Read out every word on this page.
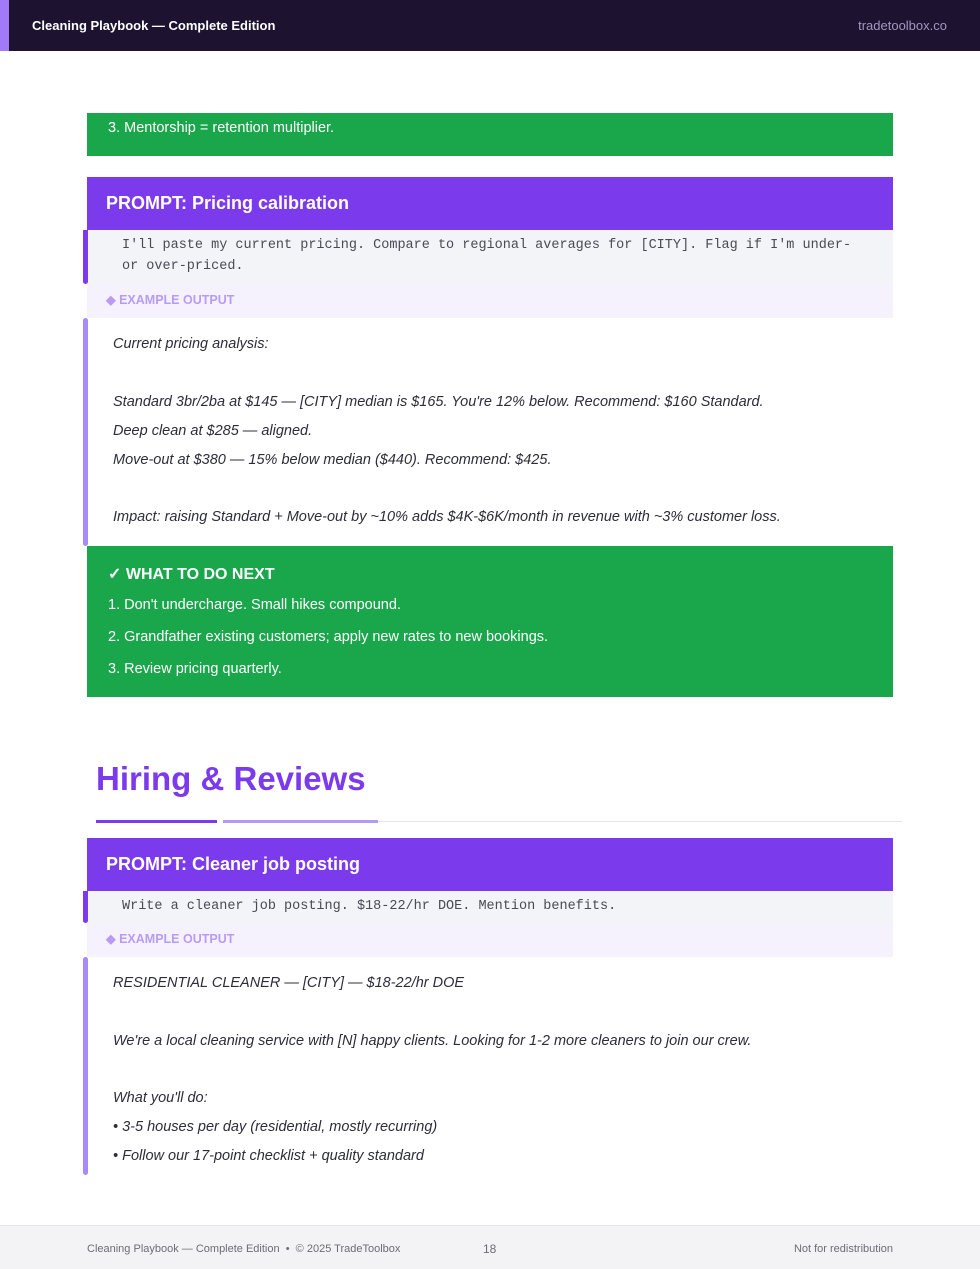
Cleaning Playbook — Complete Edition	tradetoolbox.co
3. Mentorship = retention multiplier.
PROMPT: Pricing calibration
I'll paste my current pricing. Compare to regional averages for [CITY]. Flag if I'm under- or over-priced.
◆ EXAMPLE OUTPUT
Current pricing analysis:
Standard 3br/2ba at $145 — [CITY] median is $165. You're 12% below. Recommend: $160 Standard.
Deep clean at $285 — aligned.
Move-out at $380 — 15% below median ($440). Recommend: $425.
Impact: raising Standard + Move-out by ~10% adds $4K-$6K/month in revenue with ~3% customer loss.
✓ WHAT TO DO NEXT
1. Don't undercharge. Small hikes compound.
2. Grandfather existing customers; apply new rates to new bookings.
3. Review pricing quarterly.
Hiring & Reviews
PROMPT: Cleaner job posting
Write a cleaner job posting. $18-22/hr DOE. Mention benefits.
◆ EXAMPLE OUTPUT
RESIDENTIAL CLEANER — [CITY] — $18-22/hr DOE
We're a local cleaning service with [N] happy clients. Looking for 1-2 more cleaners to join our crew.
What you'll do:
• 3-5 houses per day (residential, mostly recurring)
• Follow our 17-point checklist + quality standard
Cleaning Playbook — Complete Edition  •  © 2025 TradeToolbox	18	Not for redistribution
